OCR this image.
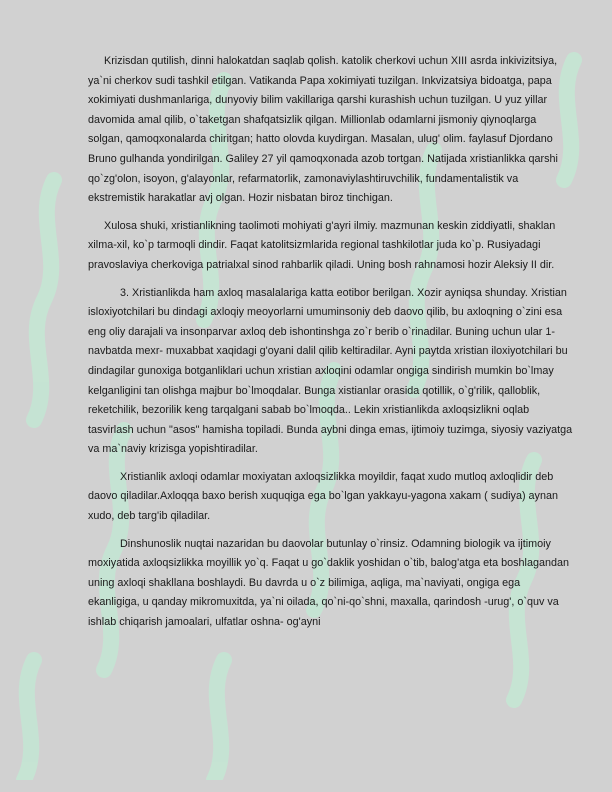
Krizisdan qutilish, dinni halokatdan saqlab qolish. katolik cherkovi uchun XIII asrda inkivizitsiya, ya`ni cherkov sudi tashkil etilgan. Vatikanda Papa xokimiyati tuzilgan. Inkvizatsiya bidoatga, papa xokimiyati dushmanlariga, dunyoviy bilim vakillariga qarshi kurashish uchun tuzilgan. U yuz yillar davomida amal qilib, o`taketgan shafqatsizlik qilgan. Millionlab odamlarni jismoniy qiynoqlarga solgan, qamoqxonalarda chiritgan; hatto olovda kuydirgan. Masalan, ulug' olim. faylasuf Djordano Bruno gulhanda yondirilgan. Galiley 27 yil qamoqxonada azob tortgan. Natijada xristianlikka qarshi qo`zg'olon, isoyon, g'alayonlar, refarmatorlik, zamonaviylashtiruvchilik, fundamentalistik va ekstremistik harakatlar avj olgan. Hozir nisbatan biroz tinchigan.

Xulosa shuki, xristianlikning taolimoti mohiyati g'ayri ilmiy. mazmunan keskin ziddiyatli, shaklan xilma-xil, ko`p tarmoqli dindir. Faqat katolitsizmlarida regional tashkilotlar juda ko`p. Rusiyadagi pravoslaviya cherkoviga patrialxal sinod rahbarlik qiladi. Uning bosh rahnamosi hozir Aleksiy II dir.

3. Xristianlikda ham axloq masalalariga katta eotibor berilgan. Xozir ayniqsa shunday. Xristian isloxiyotchilari bu dindagi axloqiy meoyorlarni umuminsoniy deb daovo qilib, bu axloqning o`zini esa eng oliy darajali va insonparvar axloq deb ishontinshga zo`r berib o`rinadilar. Buning uchun ular 1- navbatda mexr- muxabbat xaqidagi g'oyani dalil qilib keltiradilar. Ayni paytda xristian iloxiyotchilari bu dindagilar gunoxiga botganliklari uchun xristian axloqini odamlar ongiga sindirish mumkin bo`lmay kelganligini tan olishga majbur bo`lmoqdalar. Bunga xistianlar orasida qotillik, o`g'rilik, qalloblik, reketchilik, bezorilik keng tarqalgani sabab bo`lmoqda.. Lekin xristianlikda axloqsizlikni oqlab tasvirlash uchun "asos" hamisha topiladi. Bunda aybni dinga emas, ijtimoiy tuzimga, siyosiy vaziyatga va ma`naviy krizisga yopishtiradilar.

Xristianlik axloqi odamlar moxiyatan axloqsizlikka moyildir, faqat xudo mutloq axloqlidir deb daovo qiladilar.Axloqqa baxo berish xuquqiga ega bo`lgan yakkayu-yagona xakam ( sudiya) aynan xudo, deb targ'ib qiladilar.

Dinshunoslik nuqtai nazaridan bu daovolar butunlay o`rinsiz. Odamning biologik va ijtimoiy moxiyatida axloqsizlikka moyillik yo`q. Faqat u go`daklik yoshidan o`tib, balog'atga eta boshlagandan uning axloqi shakllana boshlaydi. Bu davrda u o`z bilimiga, aqliga, ma`naviyati, ongiga ega ekanligiga, u qanday mikromuxitda, ya`ni oilada, qo`ni-qo`shni, maxalla, qarindosh -urug', o`quv va ishlab chiqarish jamoalari, ulfatlar oshna- og'ayni
